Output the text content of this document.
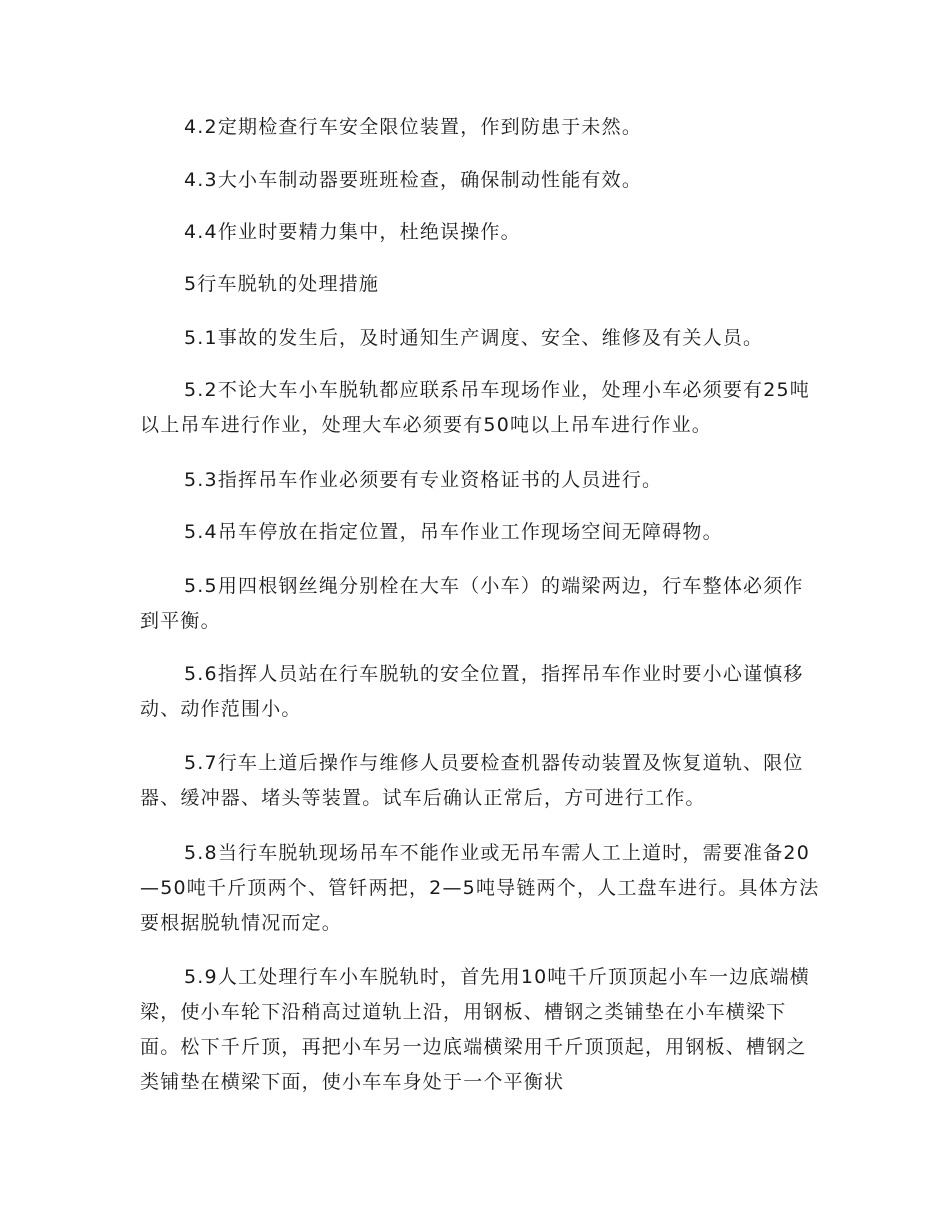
4.2定期检查行车安全限位装置，作到防患于未然。

4.3大小车制动器要班班检查，确保制动性能有效。

4.4作业时要精力集中，杜绝误操作。

5行车脱轨的处理措施

5.1事故的发生后，及时通知生产调度、安全、维修及有关人员。

5.2不论大车小车脱轨都应联系吊车现场作业，处理小车必须要有25吨以上吊车进行作业，处理大车必须要有50吨以上吊车进行作业。

5.3指挥吊车作业必须要有专业资格证书的人员进行。

5.4吊车停放在指定位置，吊车作业工作现场空间无障碍物。

5.5用四根钢丝绳分别栓在大车（小车）的端梁两边，行车整体必须作到平衡。

5.6指挥人员站在行车脱轨的安全位置，指挥吊车作业时要小心谨慎移动、动作范围小。

5.7行车上道后操作与维修人员要检查机器传动装置及恢复道轨、限位器、缓冲器、堵头等装置。试车后确认正常后，方可进行工作。

5.8当行车脱轨现场吊车不能作业或无吊车需人工上道时，需要准备20—50吨千斤顶两个、管钎两把，2—5吨导链两个，人工盘车进行。具体方法要根据脱轨情况而定。

5.9人工处理行车小车脱轨时，首先用10吨千斤顶顶起小车一边底端横梁，使小车轮下沿稍高过道轨上沿，用钢板、槽钢之类铺垫在小车横梁下面。松下千斤顶，再把小车另一边底端横梁用千斤顶顶起，用钢板、槽钢之类铺垫在横梁下面，使小车车身处于一个平衡状
